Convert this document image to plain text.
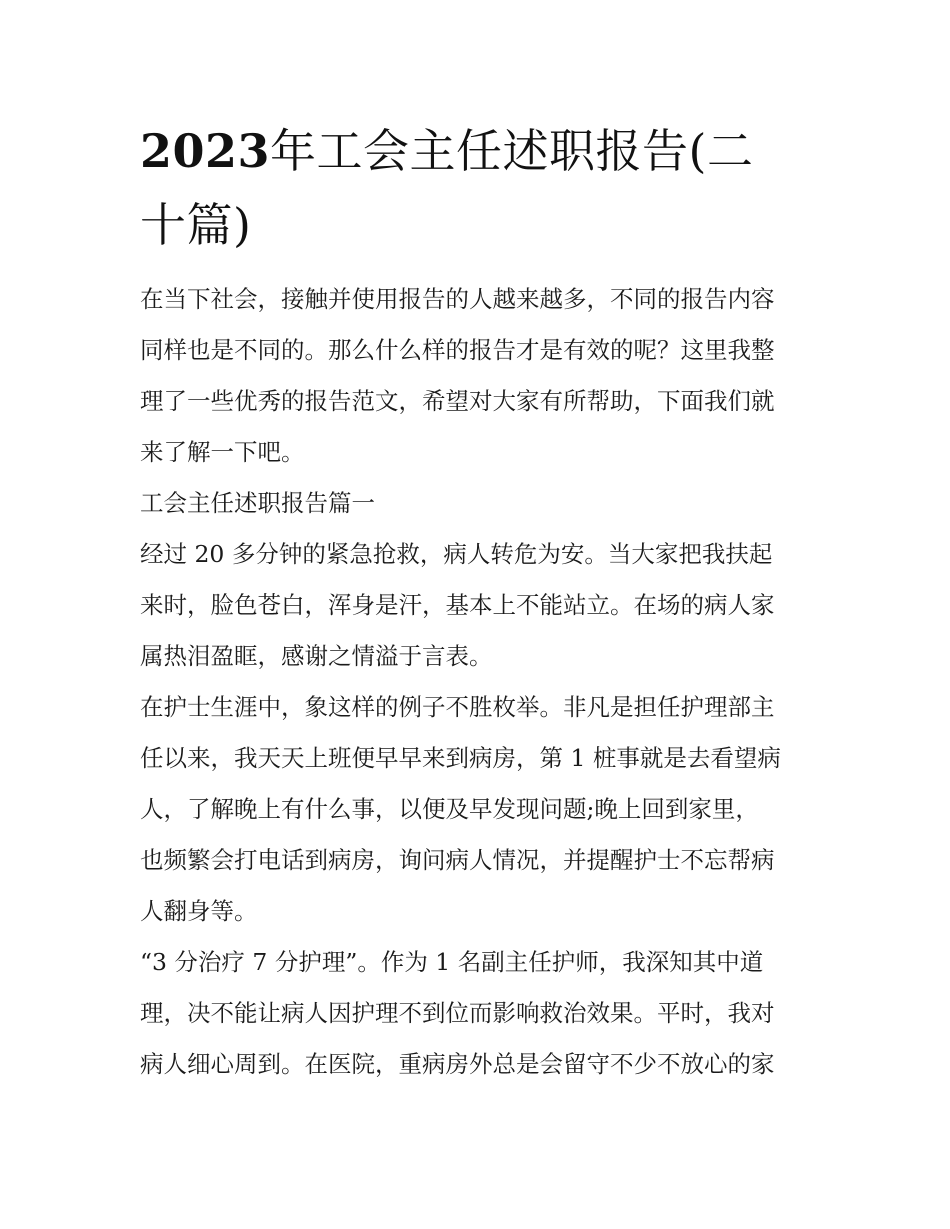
2023年工会主任述职报告(二
十篇)

在当下社会，接触并使用报告的人越来越多，不同的报告内容
同样也是不同的。那么什么样的报告才是有效的呢？这里我整
理了一些优秀的报告范文，希望对大家有所帮助，下面我们就
来了解一下吧。

工会主任述职报告篇一

经过 20 多分钟的紧急抢救，病人转危为安。当大家把我扶起
来时，脸色苍白，浑身是汗，基本上不能站立。在场的病人家
属热泪盈眶，感谢之情溢于言表。

在护士生涯中，象这样的例子不胜枚举。非凡是担任护理部主
任以来，我天天上班便早早来到病房，第 1 桩事就是去看望病
人，了解晚上有什么事，以便及早发现问题;晚上回到家里，
也频繁会打电话到病房，询问病人情况，并提醒护士不忘帮病
人翻身等。

“3 分治疗 7 分护理”。作为 1 名副主任护师，我深知其中道
理，决不能让病人因护理不到位而影响救治效果。平时，我对
病人细心周到。在医院，重病房外总是会留守不少不放心的家
